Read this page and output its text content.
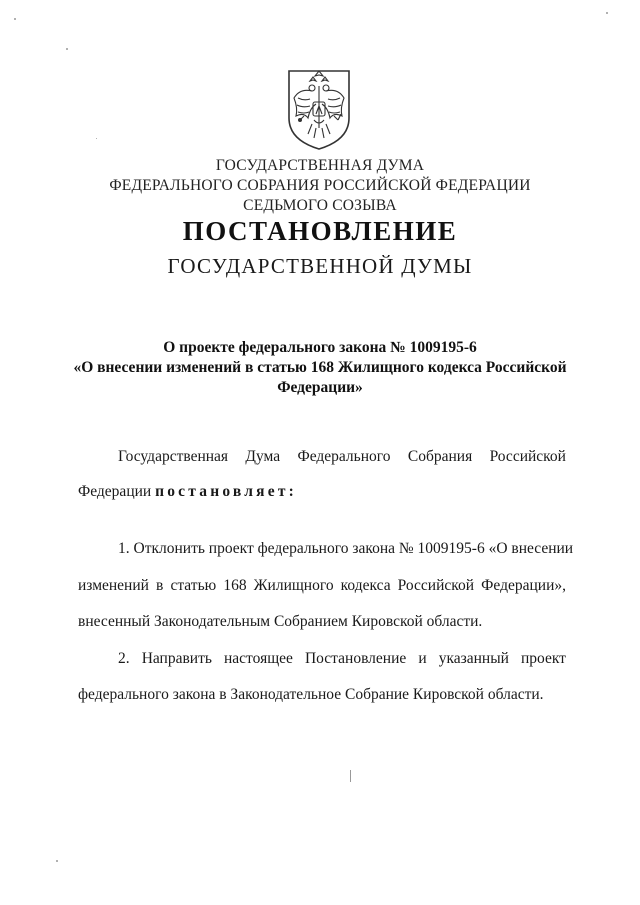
ГОСУДАРСТВЕННАЯ ДУМА
ФЕДЕРАЛЬНОГО СОБРАНИЯ РОССИЙСКОЙ ФЕДЕРАЦИИ
СЕДЬМОГО СОЗЫВА
ПОСТАНОВЛЕНИЕ
ГОСУДАРСТВЕННОЙ ДУМЫ
О проекте федерального закона № 1009195-6
«О внесении изменений в статью 168 Жилищного кодекса Российской
Федерации»
Государственная Дума Федерального Собрания Российской
Федерации постановляет:
1. Отклонить проект федерального закона № 1009195-6 «О внесении
изменений в статью 168 Жилищного кодекса Российской Федерации»,
внесенный Законодательным Собранием Кировской области.
2. Направить настоящее Постановление и указанный проект
федерального закона в Законодательное Собрание Кировской области.
